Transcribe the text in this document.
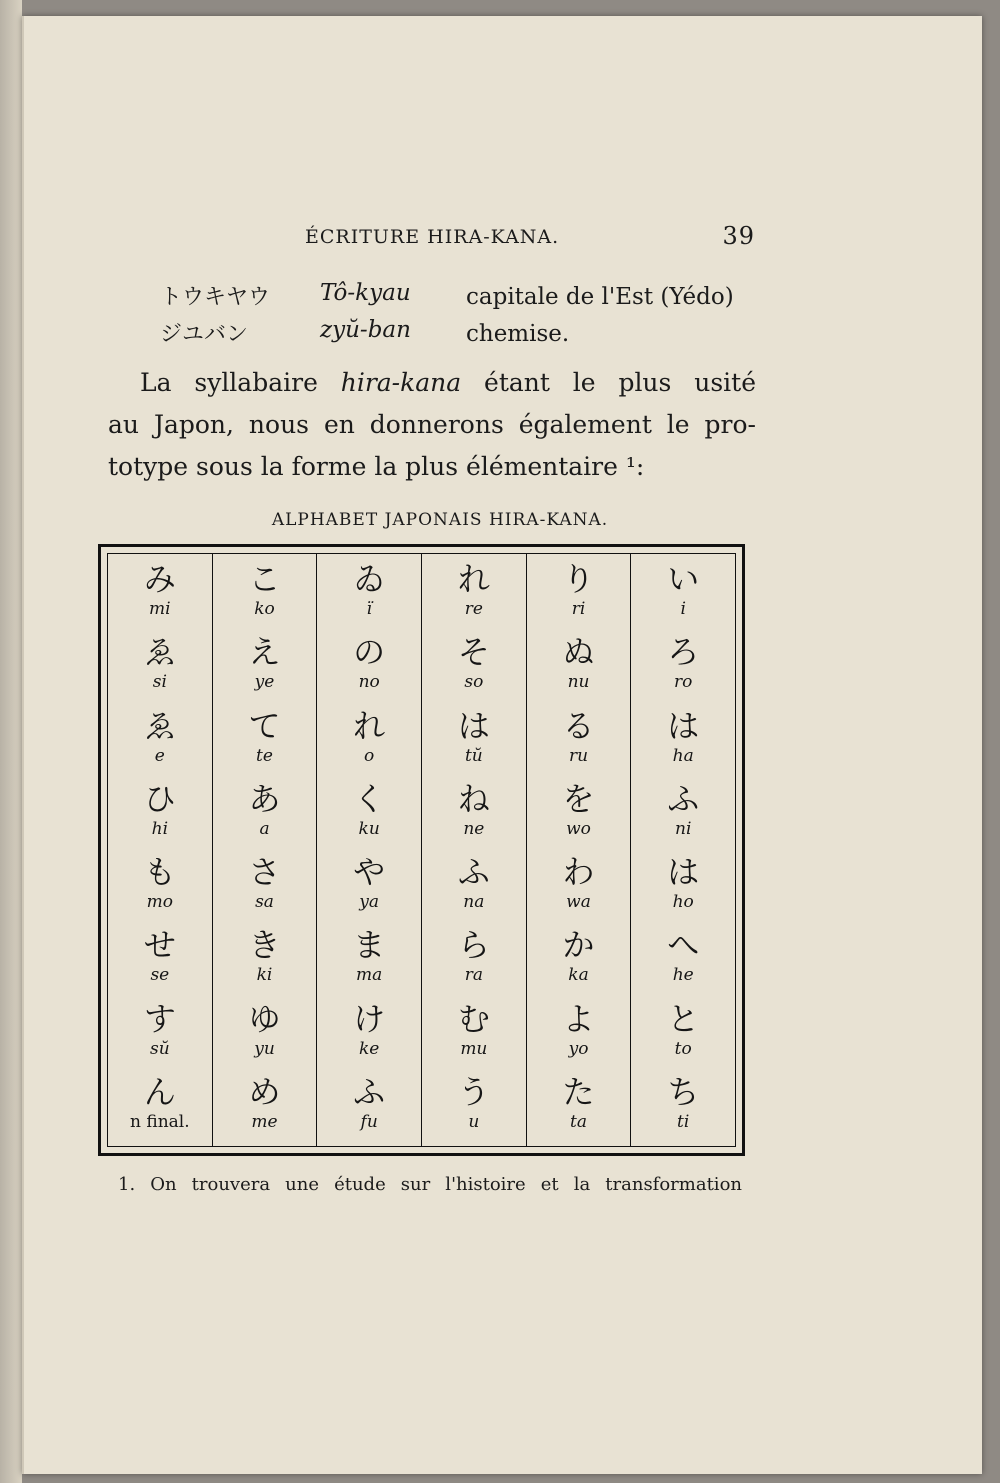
ÉCRITURE HIRA-KANA.	39
トウキヤウ Tô-kyau capitale de l'Est (Yédo)
ジユバン	zyŭ-ban chemise.
La syllabaire hira-kana étant le plus usité
au Japon, nous en donnerons également le pro-
totype sous la forme la plus élémentaire ¹:
ALPHABET JAPONAIS HIRA-KANA.
み
mi
ゑ
si
ゑ
e
ひ
hi
も
mo
せ
se
す
sŭ
ん
n final.
こ
ko
え
ye
て
te
あ
a
さ
sa
き
ki
ゆ
yu
め
me
ゐ
ï
の
no
れ
o
く
ku
や
ya
ま
ma
け
ke
ふ
fu
れ
re
そ
so
は
tŭ
ね
ne
ふ
na
ら
ra
む
mu
う
u
り
ri
ぬ
nu
る
ru
を
wo
わ
wa
か
ka
よ
yo
た
ta
い
i
ろ
ro
は
ha
ふ
ni
は
ho
へ
he
と
to
ち
ti
1. On trouvera une étude sur l'histoire et la transformation
